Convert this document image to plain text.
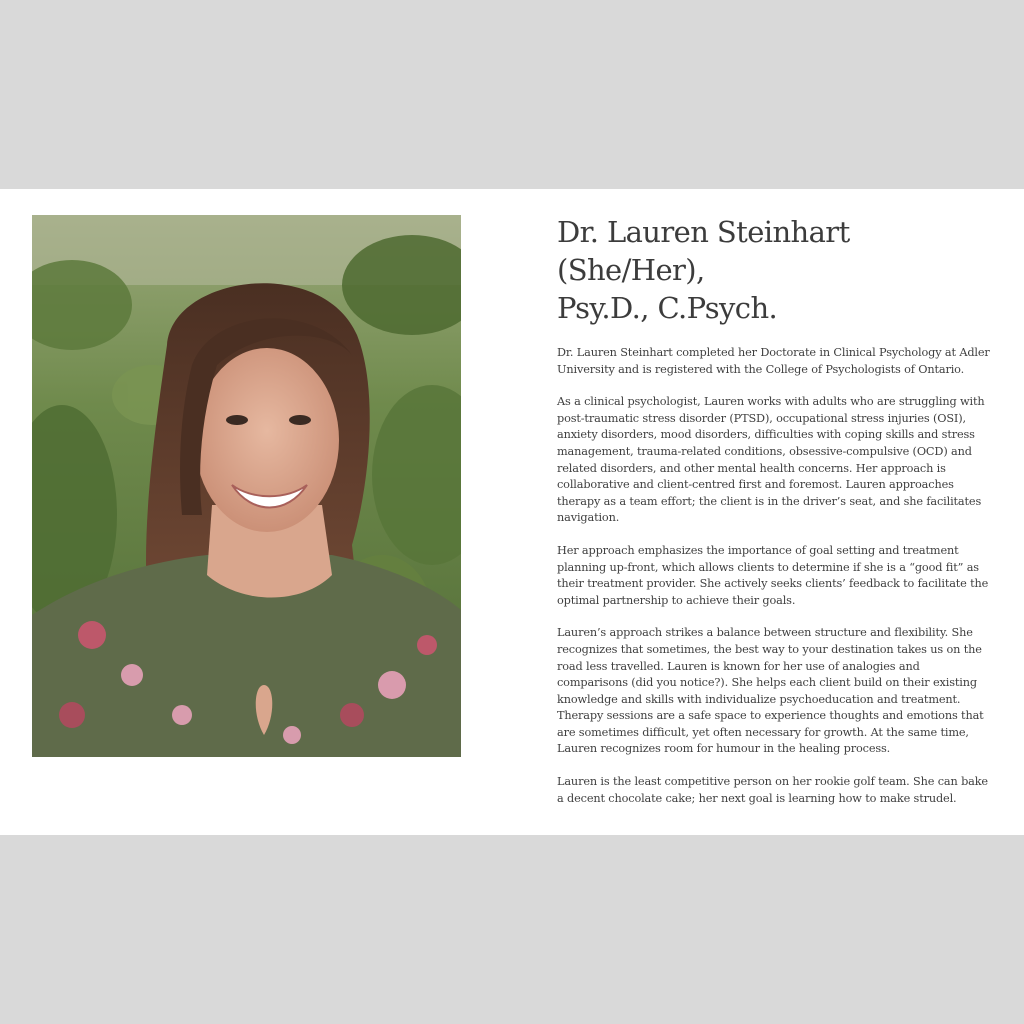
Dr. Lauren Steinhart (She/Her),
Psy.D., C.Psych.

Dr. Lauren Steinhart completed her Doctorate in Clinical Psychology at Adler University and is registered with the College of Psychologists of Ontario.

As a clinical psychologist, Lauren works with adults who are struggling with post-traumatic stress disorder (PTSD), occupational stress injuries (OSI), anxiety disorders, mood disorders, difficulties with coping skills and stress management, trauma-related conditions, obsessive-compulsive (OCD) and related disorders, and other mental health concerns. Her approach is collaborative and client-centred first and foremost. Lauren approaches therapy as a team effort; the client is in the driver’s seat, and she facilitates navigation.

Her approach emphasizes the importance of goal setting and treatment planning up-front, which allows clients to determine if she is a “good fit” as their treatment provider. She actively seeks clients’ feedback to facilitate the optimal partnership to achieve their goals.

Lauren’s approach strikes a balance between structure and flexibility. She recognizes that sometimes, the best way to your destination takes us on the road less travelled. Lauren is known for her use of analogies and comparisons (did you notice?). She helps each client build on their existing knowledge and skills with individualize psychoeducation and treatment. Therapy sessions are a safe space to experience thoughts and emotions that are sometimes difficult, yet often necessary for growth. At the same time, Lauren recognizes room for humour in the healing process.

Lauren is the least competitive person on her rookie golf team. She can bake a decent chocolate cake; her next goal is learning how to make strudel.
